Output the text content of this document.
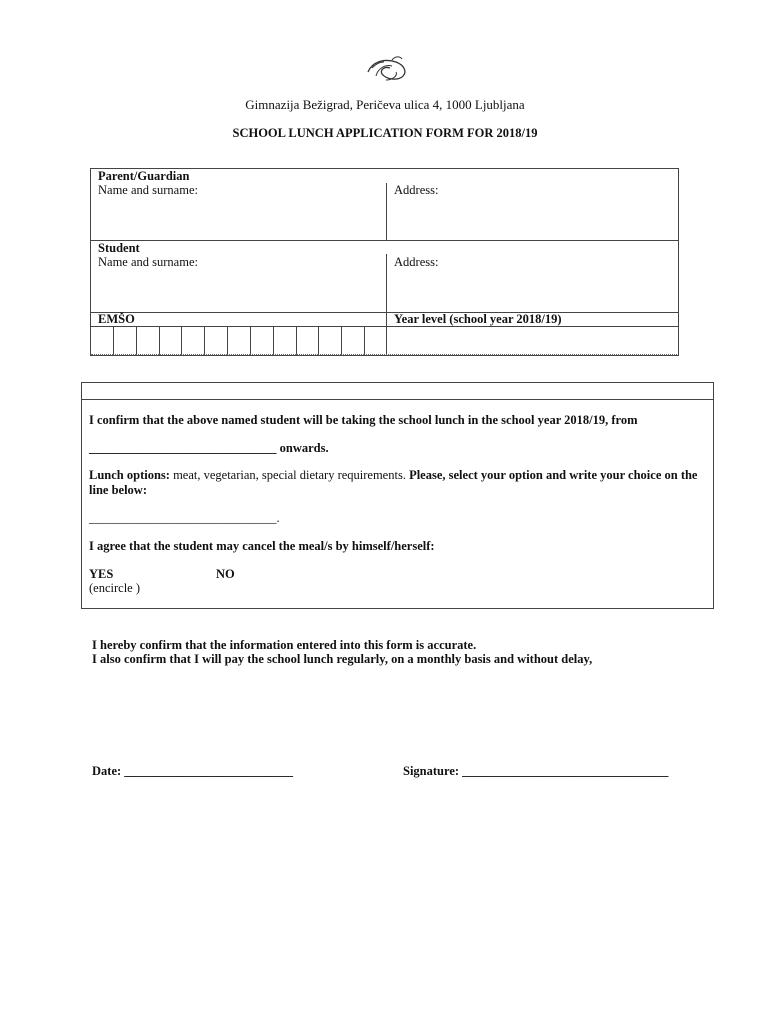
Gimnazija Bežigrad, Peričeva ulica 4, 1000 Ljubljana
SCHOOL LUNCH APPLICATION FORM FOR 2018/19
Parent/Guardian
Name and surname:	Address:
Student
Name and surname:	Address:
EMŠO	Year level (school year 2018/19)
I confirm that the above named student will be taking the school lunch in the school year 2018/19, from
______________________________ onwards.
Lunch options: meat, vegetarian, special dietary requirements. Please, select your option and write your choice on the line below:
______________________________.
I agree that the student may cancel the meal/s by himself/herself:
YES	NO
(encircle )
I hereby confirm that the information entered into this form is accurate.
I also confirm that I will pay the school lunch regularly, on a monthly basis and without delay,
Date: ___________________________	Signature: _________________________________
